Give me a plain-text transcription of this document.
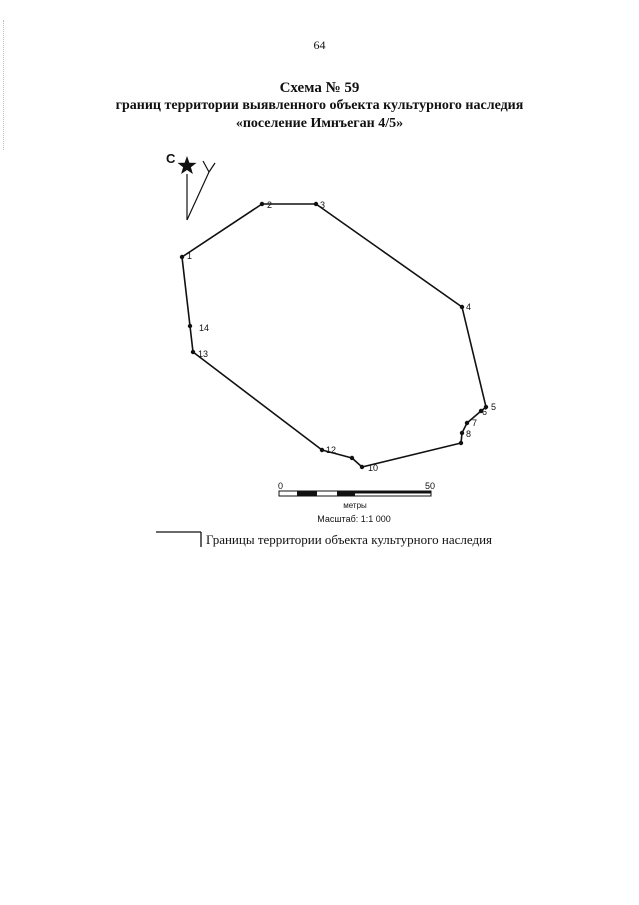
64
Схема № 59
границ территории выявленного объекта культурного наследия
«поселение Имнъеган 4/5»
С
1
2	3
4
5
6
7
8
10
12
13
14
0	50
метры
Масштаб: 1:1 000
Границы территории объекта культурного наследия
